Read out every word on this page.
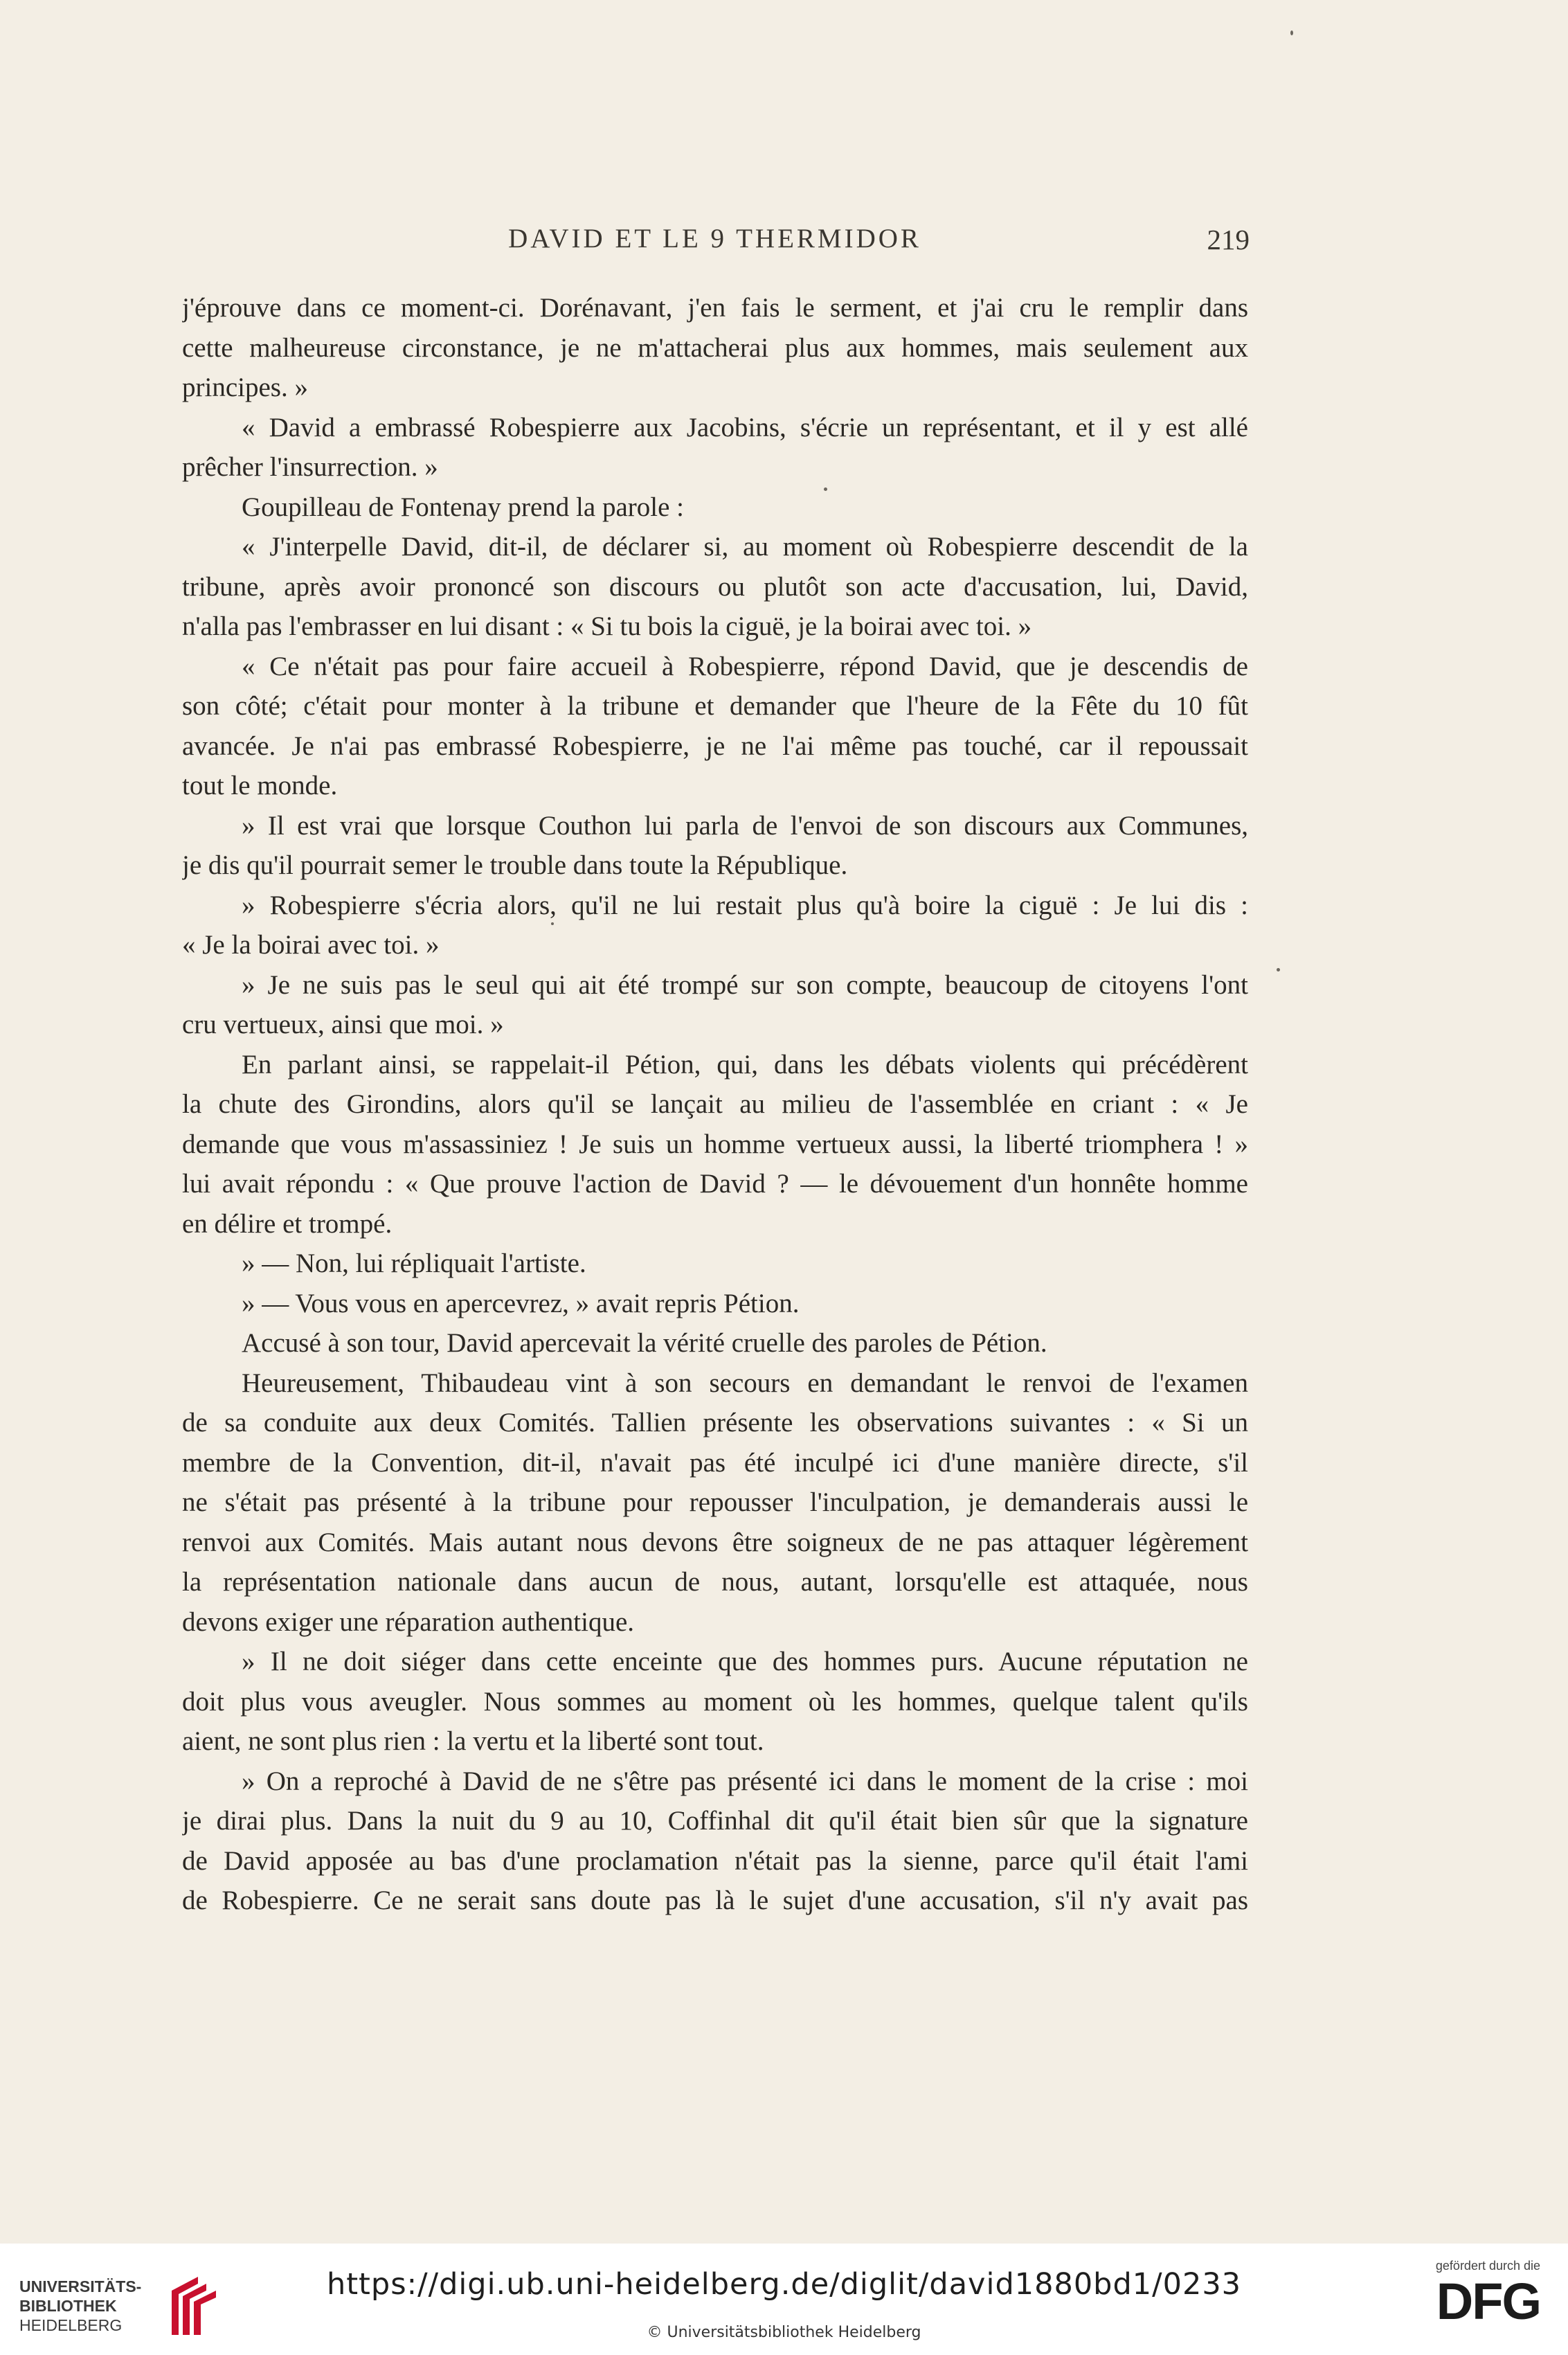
DAVID ET LE 9 THERMIDOR	219
j'éprouve dans ce moment-ci. Dorénavant, j'en fais le serment, et j'ai cru le remplir dans
cette malheureuse circonstance, je ne m'attacherai plus aux hommes, mais seulement aux
principes. »
« David a embrassé Robespierre aux Jacobins, s'écrie un représentant, et il y est allé
prêcher l'insurrection. »
Goupilleau de Fontenay prend la parole :
« J'interpelle David, dit-il, de déclarer si, au moment où Robespierre descendit de la
tribune, après avoir prononcé son discours ou plutôt son acte d'accusation, lui, David,
n'alla pas l'embrasser en lui disant : « Si tu bois la ciguë, je la boirai avec toi. »
« Ce n'était pas pour faire accueil à Robespierre, répond David, que je descendis de
son côté; c'était pour monter à la tribune et demander que l'heure de la Fête du 10 fût
avancée. Je n'ai pas embrassé Robespierre, je ne l'ai même pas touché, car il repoussait
tout le monde.
» Il est vrai que lorsque Couthon lui parla de l'envoi de son discours aux Communes,
je dis qu'il pourrait semer le trouble dans toute la République.
» Robespierre s'écria alors, qu'il ne lui restait plus qu'à boire la ciguë : Je lui dis :
« Je la boirai avec toi. »
» Je ne suis pas le seul qui ait été trompé sur son compte, beaucoup de citoyens l'ont
cru vertueux, ainsi que moi. »
En parlant ainsi, se rappelait-il Pétion, qui, dans les débats violents qui précédèrent
la chute des Girondins, alors qu'il se lançait au milieu de l'assemblée en criant : « Je
demande que vous m'assassiniez ! Je suis un homme vertueux aussi, la liberté triomphera ! »
lui avait répondu : « Que prouve l'action de David ? — le dévouement d'un honnête homme
en délire et trompé.
» — Non, lui répliquait l'artiste.
» — Vous vous en apercevrez, » avait repris Pétion.
Accusé à son tour, David apercevait la vérité cruelle des paroles de Pétion.
Heureusement, Thibaudeau vint à son secours en demandant le renvoi de l'examen
de sa conduite aux deux Comités. Tallien présente les observations suivantes : « Si un
membre de la Convention, dit-il, n'avait pas été inculpé ici d'une manière directe, s'il
ne s'était pas présenté à la tribune pour repousser l'inculpation, je demanderais aussi le
renvoi aux Comités. Mais autant nous devons être soigneux de ne pas attaquer légèrement
la représentation nationale dans aucun de nous, autant, lorsqu'elle est attaquée, nous
devons exiger une réparation authentique.
» Il ne doit siéger dans cette enceinte que des hommes purs. Aucune réputation ne
doit plus vous aveugler. Nous sommes au moment où les hommes, quelque talent qu'ils
aient, ne sont plus rien : la vertu et la liberté sont tout.
» On a reproché à David de ne s'être pas présenté ici dans le moment de la crise : moi
je dirai plus. Dans la nuit du 9 au 10, Coffinhal dit qu'il était bien sûr que la signature
de David apposée au bas d'une proclamation n'était pas la sienne, parce qu'il était l'ami
de Robespierre. Ce ne serait sans doute pas là le sujet d'une accusation, s'il n'y avait pas
UNIVERSITÄTS-
BIBLIOTHEK
HEIDELBERG
https://digi.ub.uni-heidelberg.de/diglit/david1880bd1/0233
© Universitätsbibliothek Heidelberg
gefördert durch die
DFG
